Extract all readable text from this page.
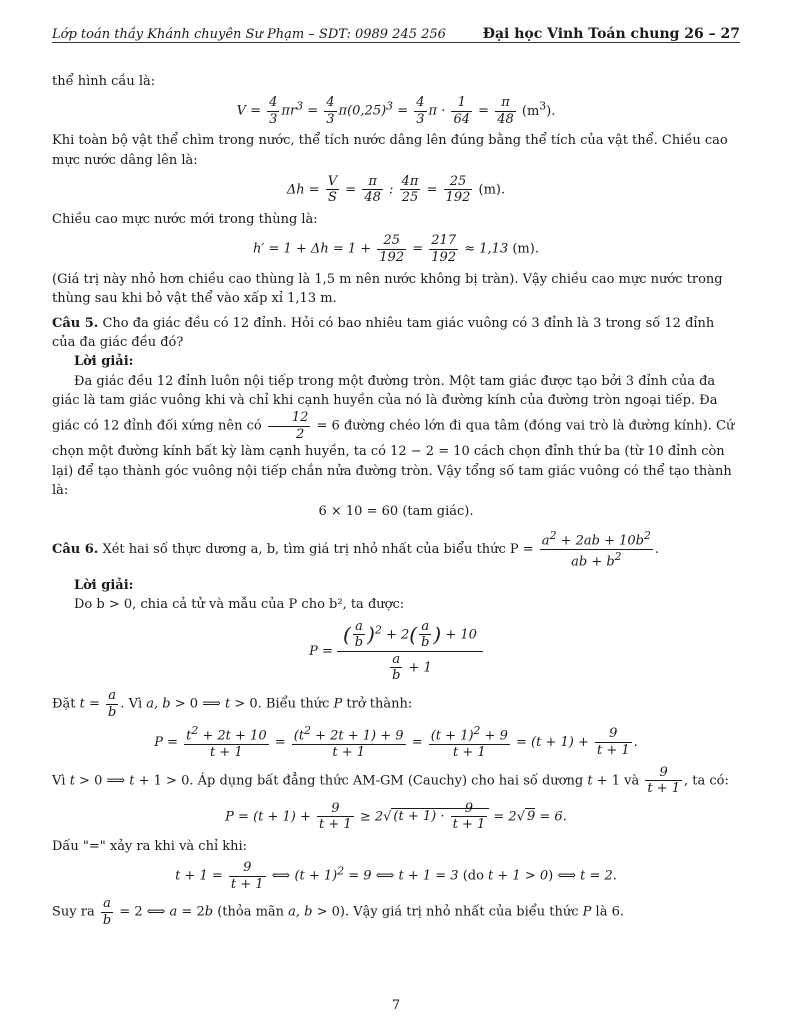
Lớp toán thầy Khánh chuyên Sư Phạm – SDT: 0989 245 256	Đại học Vinh Toán chung 26 – 27

thể hình cầu là:

$V = \frac{4}{3} \pi r^3 = \frac{4}{3} \pi(0,25)^3 = \frac{4}{3}$ $\pi \cdot \frac{1}{64} = \frac{\pi}{48} (m^3)$.

Khi toàn bộ vật thể chìm trong nước, thể tích nước dâng lên đúng bằng thể tích của vật thể. Chiều cao mực nước dâng lên là:

$\Delta h = \frac{V}{S} = \frac{\pi}{48}$ : $\frac{4\pi}{25} = \frac{25}{192} (m)$.

Chiều cao mực nước mới trong thùng là:

$h' = 1 + \Delta h = 1 + \frac{25}{192} = \frac{217}{192} \approx 1,13$ (m).

(Giá trị này nhỏ hơn chiều cao thùng là 1,5 m nên nước không bị tràn). Vậy chiều cao mực nước trong thùng sau khi bỏ vật thể vào xấp xỉ 1,13 m.

Câu 5. Cho đa giác đều có 12 đỉnh. Hỏi có bao nhiêu tam giác vuông có 3 đỉnh là 3 trong số 12 đỉnh của đa giác đều đó?

Lời giải:

Đa giác đều 12 đỉnh luôn nội tiếp trong một đường tròn. Một tam giác được tạo bởi 3 đỉnh của đa giác là tam giác vuông khi và chỉ khi cạnh huyền của nó là đường kính của đường tròn ngoại tiếp. Đa giác có 12 đỉnh đối xứng nên có $\frac{12}{2} = 6$ đường chéo lớn đi qua tâm (đóng vai trò là đường kính). Cứ chọn một đường kính bất kỳ làm cạnh huyền, ta có 12 − 2 = 10 cách chọn đỉnh thứ ba (từ 10 đỉnh còn lại) để tạo thành góc vuông nội tiếp chắn nửa đường tròn. Vậy tổng số tam giác vuông có thể tạo thành là:

6 × 10 = 60 (tam giác).

Câu 6. Xét hai số thực dương a, b, tìm giá trị nhỏ nhất của biểu thức $P = \frac{a^2 + 2ab + 10b^2}{ab + b^2}$ .

Lời giải:

Do b > 0, chia cả tử và mẫu của P cho b², ta được:

$P = \frac{( \frac{a}{b} )^2 + 2( \frac{a}{b} ) + 10}{\frac{a}{b} + 1}$

Đặt $t = \frac{a}{b}$ . Vì a, b > 0 ⟹ t > 0. Biểu thức P trở thành:

$P = \frac{t^2 + 2t + 10}{t + 1} = \frac{(t^2 + 2t + 1) + 9}{t + 1} = \frac{(t + 1)^2 + 9}{t + 1} = (t + 1) + \frac{9}{t + 1}$ .

Vì t > 0 ⟹ t + 1 > 0. Áp dụng bất đẳng thức AM-GM (Cauchy) cho hai số dương t + 1 và $\frac{9}{t + 1}$ , ta có:

$P = (t + 1) + \frac{9}{t + 1} \ge 2√$ $(t + 1) \cdot \frac{9}{t + 1} = 2√$ 9 = 6.

Dấu "=" xảy ra khi và chỉ khi:

$t + 1 = \frac{9}{t + 1}$ ⟺ $(t + 1)^2 = 9$ ⟺ t + 1 = 3 (do t + 1 > 0) ⟺ t = 2.

Suy ra $\frac{a}{b} = 2$ ⟺ a = 2b (thỏa mãn a, b > 0). Vậy giá trị nhỏ nhất của biểu thức P là 6.

7
